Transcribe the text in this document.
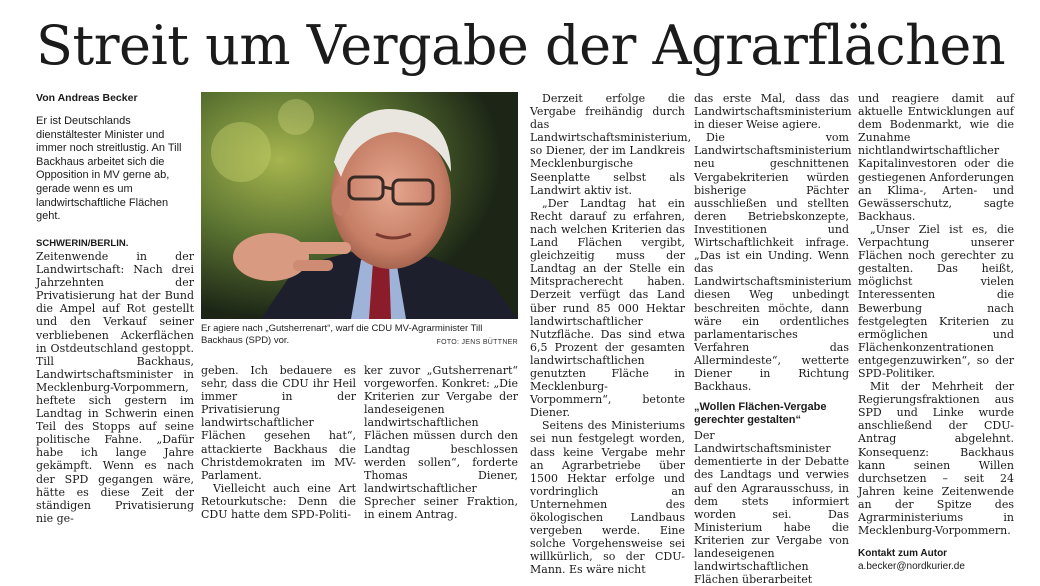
Streit um Vergabe der Agrarflächen
Von Andreas Becker
Er ist Deutschlands dienstältester Minister und immer noch streitlustig. An Till Backhaus arbeitet sich die Opposition in MV gerne ab, gerade wenn es um landwirtschaftliche Flächen geht.

SCHWERIN/BERLIN. Zeitenwende in der Landwirtschaft: Nach drei Jahrzehnten der Privatisierung hat der Bund die Ampel auf Rot gestellt und den Verkauf seiner verbliebenen Ackerflächen in Ostdeutschland gestoppt. Till Backhaus, Landwirtschaftsminister in Mecklenburg-Vorpommern, heftete sich gestern im Landtag in Schwerin einen Teil des Stopps auf seine politische Fahne. „Dafür habe ich lange Jahre gekämpft. Wenn es nach der SPD gegangen wäre, hätte es diese Zeit der ständigen Privatisierung nie ge-

Er agiere nach „Gutsherrenart“, warf die CDU MV-Agrarminister Till Backhaus (SPD) vor.	FOTO: JENS BÜTTNER

geben. Ich bedauere es sehr, dass die CDU ihr Heil immer in der Privatisierung landwirtschaftlicher Flächen gesehen hat“, attackierte Backhaus die Christdemokraten im MV-Parlament.

Vielleicht auch eine Art Retourkutsche: Denn die CDU hatte dem SPD-Politi-

ker zuvor „Gutsherrenart“ vorgeworfen. Konkret: „Die Kriterien zur Vergabe der landeseigenen landwirtschaftlichen Flächen müssen durch den Landtag beschlossen werden sollen“, forderte Thomas Diener, landwirtschaftlicher Sprecher seiner Fraktion, in einem Antrag.

Derzeit erfolge die Vergabe freihändig durch das Landwirtschaftsministerium, so Diener, der im Landkreis Mecklenburgische Seenplatte selbst als Landwirt aktiv ist.

„Der Landtag hat ein Recht darauf zu erfahren, nach welchen Kriterien das Land Flächen vergibt, gleichzeitig muss der Landtag an der Stelle ein Mitspracherecht haben. Derzeit verfügt das Land über rund 85 000 Hektar landwirtschaftlicher Nutzfläche. Das sind etwa 6,5 Prozent der gesamten landwirtschaftlichen genutzten Fläche in Mecklenburg-Vorpommern“, betonte Diener.

Seitens des Ministeriums sei nun festgelegt worden, dass keine Vergabe mehr an Agrarbetriebe über 1500 Hektar erfolge und vordringlich an Unternehmen des ökologischen Landbaus vergeben werde. Eine solche Vorgehensweise sei willkürlich, so der CDU-Mann. Es wäre nicht

das erste Mal, dass das Landwirtschaftsministerium in dieser Weise agiere.

Die vom Landwirtschaftsministerium neu geschnittenen Vergabekriterien würden bisherige Pächter ausschließen und stellten deren Betriebskonzepte, Investitionen und Wirtschaftlichkeit infrage. „Das ist ein Unding. Wenn das Landwirtschaftsministerium diesen Weg unbedingt beschreiten möchte, dann wäre ein ordentliches parlamentarisches Verfahren das Allermindeste“, wetterte Diener in Richtung Backhaus.

„Wollen Flächen-Vergabe gerechter gestalten“

Der Landwirtschaftsminister dementierte in der Debatte des Landtags und verwies auf den Agrarausschuss, in dem stets informiert worden sei. Das Ministerium habe die Kriterien zur Vergabe von landeseigenen landwirtschaftlichen Flächen überarbeitet

und reagiere damit auf aktuelle Entwicklungen auf dem Bodenmarkt, wie die Zunahme nichtlandwirtschaftlicher Kapitalinvestoren oder die gestiegenen Anforderungen an Klima-, Arten- und Gewässerschutz, sagte Backhaus.

„Unser Ziel ist es, die Verpachtung unserer Flächen noch gerechter zu gestalten. Das heißt, möglichst vielen Interessenten die Bewerbung nach festgelegten Kriterien zu ermöglichen und Flächenkonzentrationen entgegenzuwirken“, so der SPD-Politiker.

Mit der Mehrheit der Regierungsfraktionen aus SPD und Linke wurde anschließend der CDU-Antrag abgelehnt. Konsequenz: Backhaus kann seinen Willen durchsetzen – seit 24 Jahren keine Zeitenwende an der Spitze des Agrarministeriums in Mecklenburg-Vorpommern.

Kontakt zum Autor
a.becker@nordkurier.de
